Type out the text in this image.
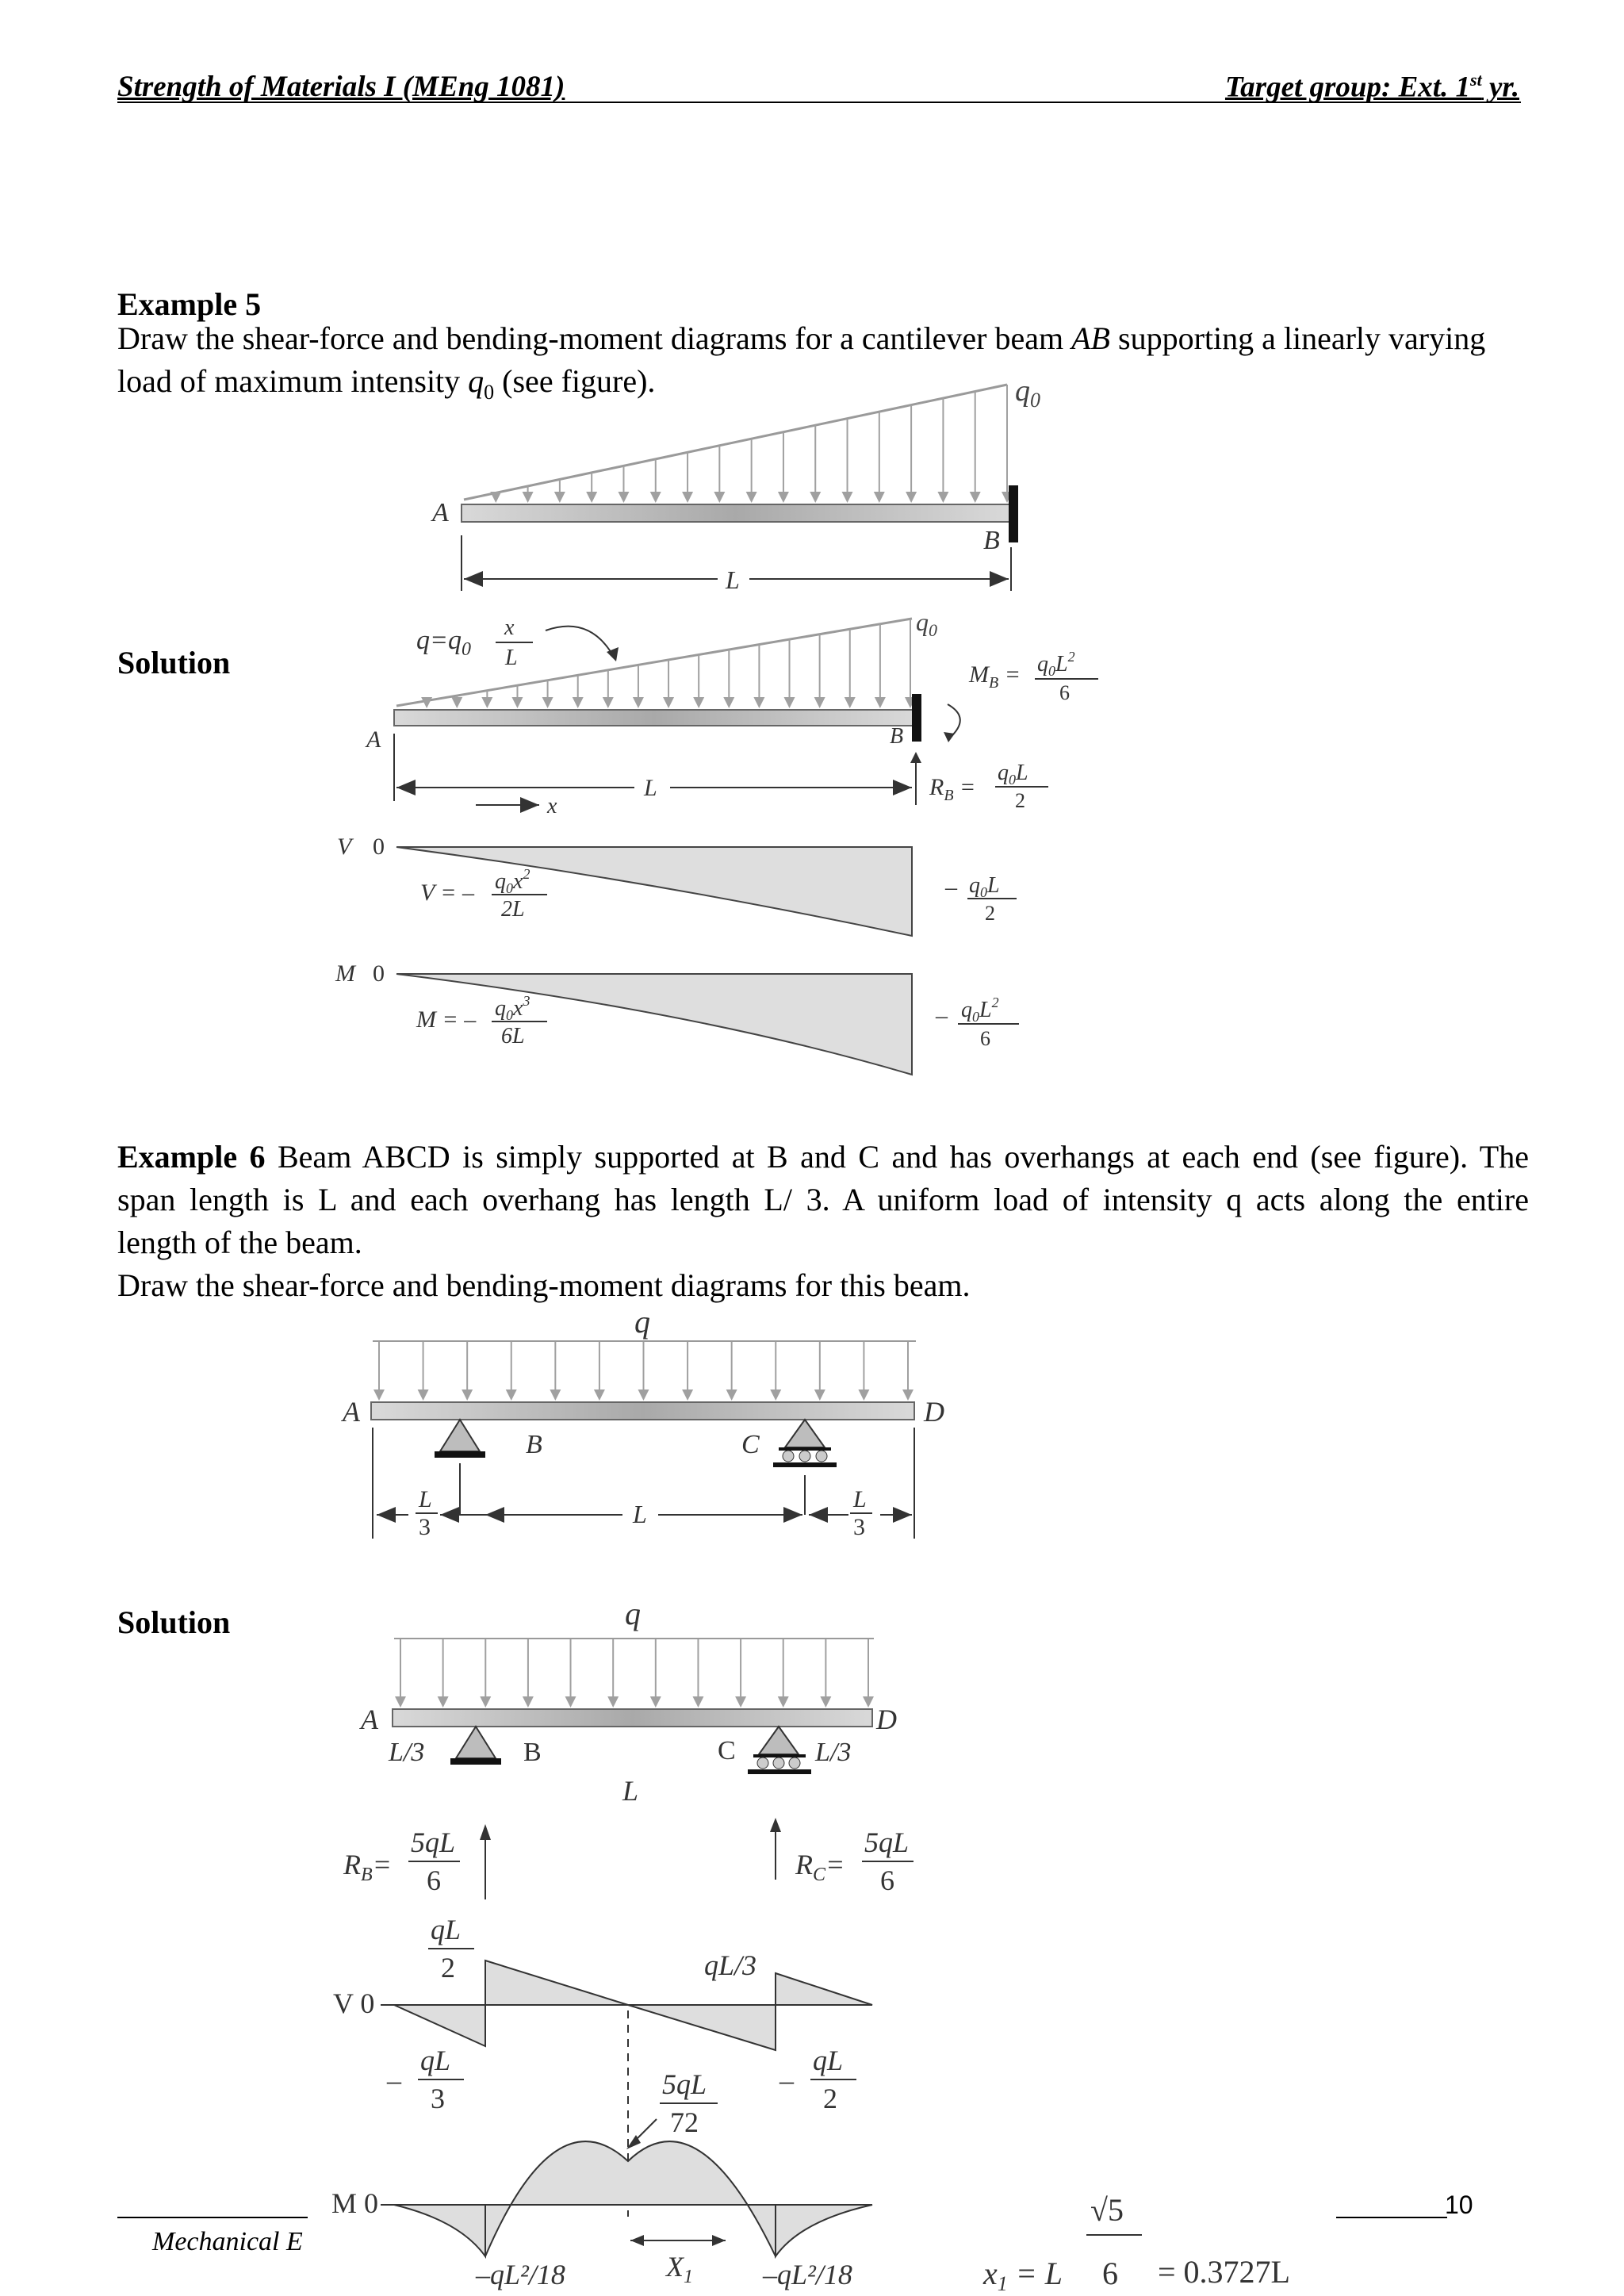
Strength of Materials I (MEng 1081)	Target group: Ext. 1st yr.
Example 5
Draw the shear-force and bending-moment diagrams for a cantilever beam AB supporting a linearly varying
load of maximum intensity $q_0$ (see figure).
Solution
$q_0$
A
B
L
$q=q_0$
x
L
$q_0$
A	B
$M_B = q_0L^2$
6
$R_B$ =
$q_0L$
2
L
x
V 0
V = – $q_0x^2$
2L
– $q_0L$
2
M 0
M = – $q_0x^3$
6L
– $q_0L^2$
6
Example 6 Beam ABCD is simply supported at B and C and has overhangs at each end (see figure). The
span length is L and each overhang has length L/ 3. A uniform load of intensity q acts along the entire
length of the beam.
Draw the shear-force and bending-moment diagrams for this beam.
Solution
q
A	D
B	C
L
3	L
L
3
q
A	D
B	C
L/3	L/3
L
$R_B=$
5qL
6	$R_C=$
5qL
6
V 0
qL
2	qL/3
–
qL
3
–
qL
2
5qL
72
M 0
–qL²/18	–qL²/18
$X_1$	$x_1 = L$
√5
6 = 0.3727L
10
Mechanical E
